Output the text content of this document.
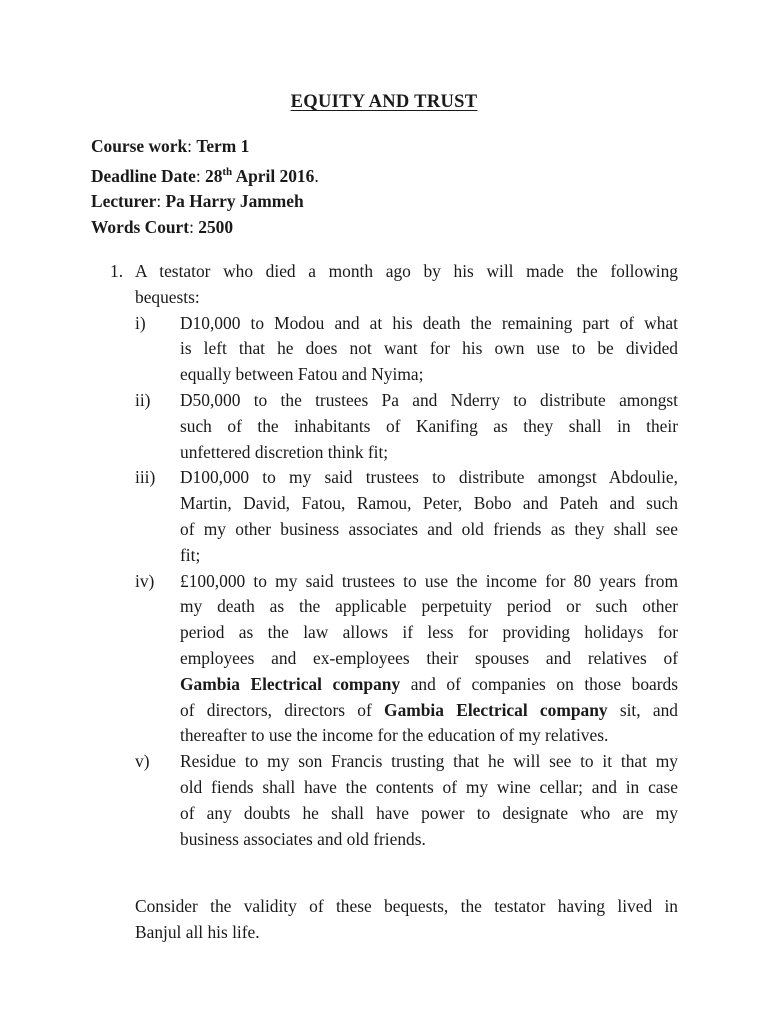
EQUITY AND TRUST
Course work: Term 1
Deadline Date: 28th April 2016.
Lecturer: Pa Harry Jammeh
Words Court: 2500
1. A testator who died a month ago by his will made the following
bequests:
i) D10,000 to Modou and at his death the remaining part of what
is left that he does not want for his own use to be divided
equally between Fatou and Nyima;
ii) D50,000 to the trustees Pa and Nderry to distribute amongst
such of the inhabitants of Kanifing as they shall in their
unfettered discretion think fit;
iii) D100,000 to my said trustees to distribute amongst Abdoulie,
Martin, David, Fatou, Ramou, Peter, Bobo and Pateh and such
of my other business associates and old friends as they shall see
fit;
iv) £100,000 to my said trustees to use the income for 80 years from
my death as the applicable perpetuity period or such other
period as the law allows if less for providing holidays for
employees and ex-employees their spouses and relatives of
Gambia Electrical company and of companies on those boards
of directors, directors of Gambia Electrical company sit, and
thereafter to use the income for the education of my relatives.
v) Residue to my son Francis trusting that he will see to it that my
old fiends shall have the contents of my wine cellar; and in case
of any doubts he shall have power to designate who are my
business associates and old friends.
Consider the validity of these bequests, the testator having lived in
Banjul all his life.
